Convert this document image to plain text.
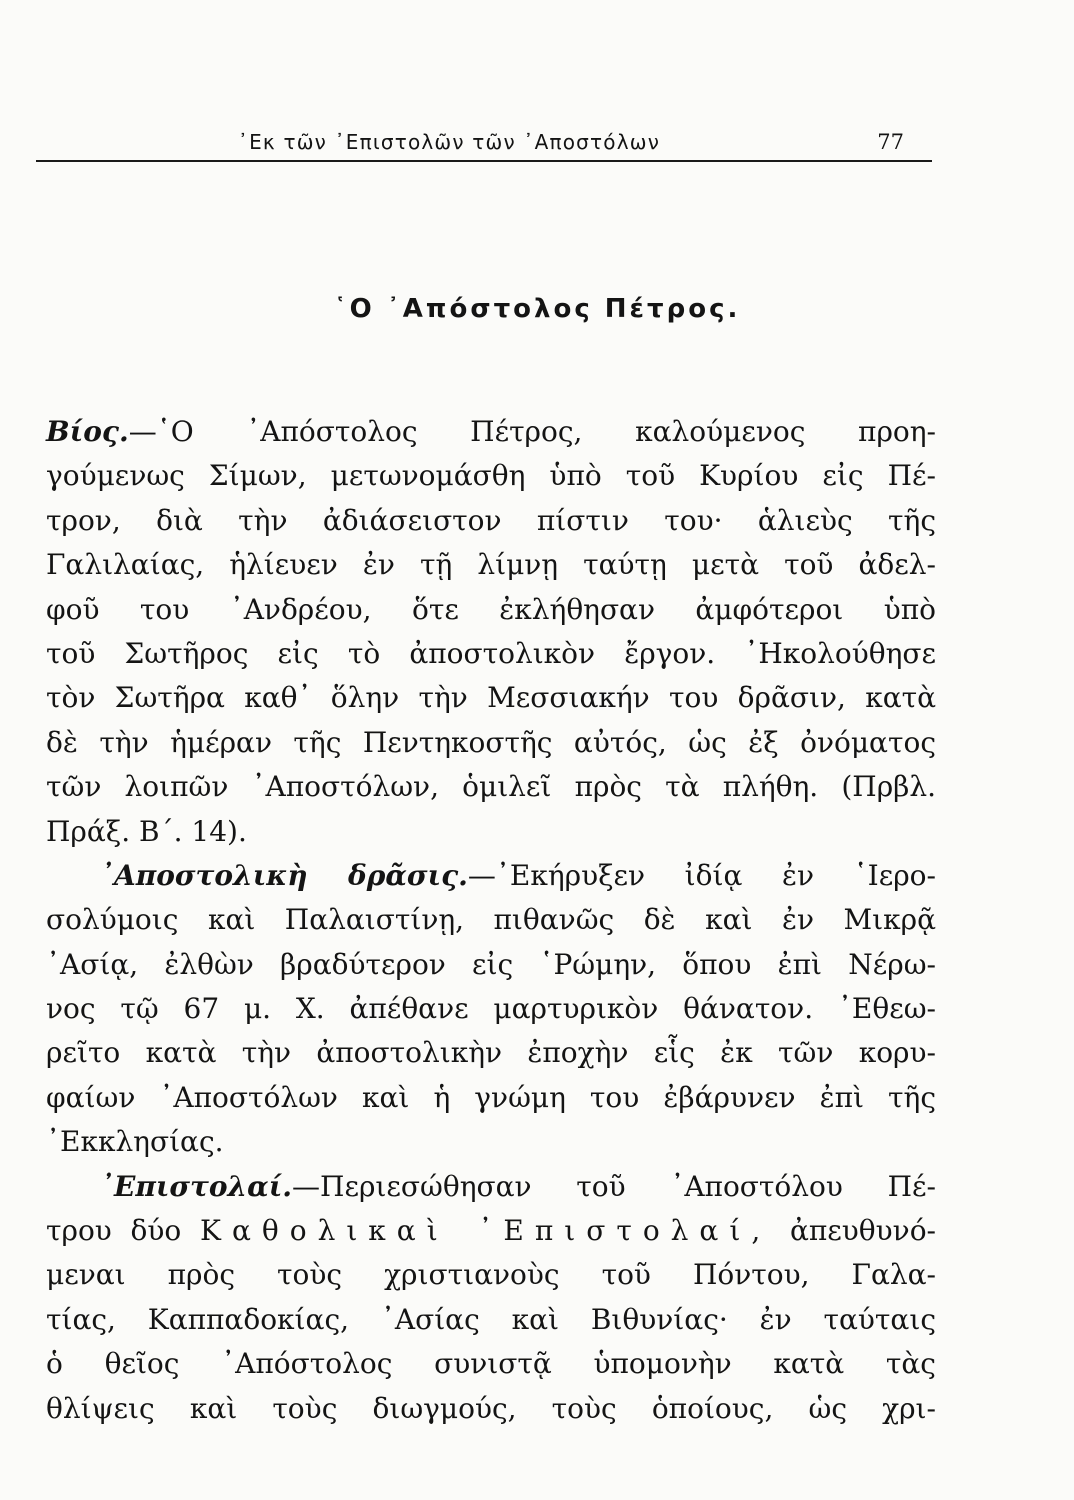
᾿Εκ τῶν ᾿Επιστολῶν τῶν ᾿Αποστόλων	77
῾Ο ᾿Απόστολος Πέτρος.
Βίος.—῾Ο ᾿Απόστολος Πέτρος, καλούμενος προη-
γούμενως Σίμων, μετωνομάσθη ὑπὸ τοῦ Κυρίου εἰς Πέ-
τρον, διὰ τὴν ἀδιάσειστον πίστιν του· ἁλιεὺς τῆς
Γαλιλαίας, ἡλίευεν ἐν τῇ λίμνῃ ταύτῃ μετὰ τοῦ ἀδελ-
φοῦ του ᾿Ανδρέου, ὅτε ἐκλήθησαν ἀμφότεροι ὑπὸ
τοῦ Σωτῆρος εἰς τὸ ἀποστολικὸν ἔργον. ᾿Ηκολούθησε
τὸν Σωτῆρα καθ᾿ ὅλην τὴν Μεσσιακήν του δρᾶσιν, κατὰ
δὲ τὴν ἡμέραν τῆς Πεντηκοστῆς αὐτός, ὡς ἐξ ὀνόματος
τῶν λοιπῶν ᾿Αποστόλων, ὁμιλεῖ πρὸς τὰ πλήθη. (Πρβλ.
Πράξ. Β΄. 14).
᾿Αποστολικὴ δρᾶσις.—᾿Εκήρυξεν ἰδίᾳ ἐν ῾Ιερο-
σολύμοις καὶ Παλαιστίνῃ, πιθανῶς δὲ καὶ ἐν Μικρᾷ
᾿Ασίᾳ, ἐλθὼν βραδύτερον εἰς ῾Ρώμην, ὅπου ἐπὶ Νέρω-
νος τῷ 67 μ. Χ. ἀπέθανε μαρτυρικὸν θάνατον. ᾿Εθεω-
ρεῖτο κατὰ τὴν ἀποστολικὴν ἐποχὴν εἷς ἐκ τῶν κορυ-
φαίων ᾿Αποστόλων καὶ ἡ γνώμη του ἐβάρυνεν ἐπὶ τῆς
᾿Εκκλησίας.
᾿Επιστολαί.—Περιεσώθησαν τοῦ ᾿Αποστόλου Πέ-
τρου δύο Καθολικαὶ ᾿Επιστολαί, ἀπευθυνό-
μεναι πρὸς τοὺς χριστιανοὺς τοῦ Πόντου, Γαλα-
τίας, Καππαδοκίας, ᾿Ασίας καὶ Βιθυνίας· ἐν ταύταις
ὁ θεῖος ᾿Απόστολος συνιστᾷ ὑπομονὴν κατὰ τὰς
θλίψεις καὶ τοὺς διωγμούς, τοὺς ὁποίους, ὡς χρι-
